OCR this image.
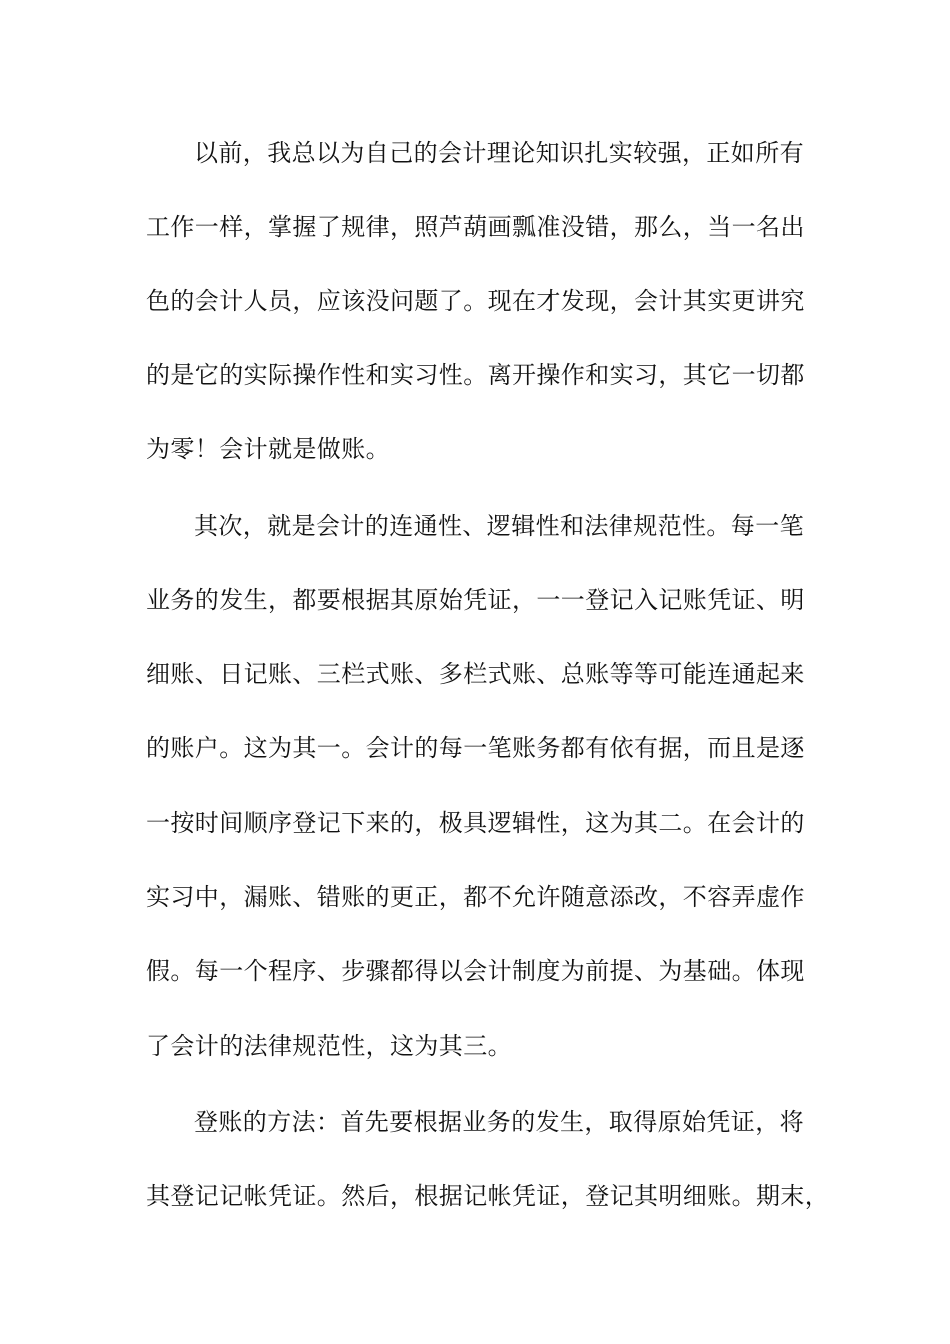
以前，我总以为自己的会计理论知识扎实较强，正如所有
工作一样，掌握了规律，照芦葫画瓢准没错，那么，当一名出
色的会计人员，应该没问题了。现在才发现，会计其实更讲究
的是它的实际操作性和实习性。离开操作和实习，其它一切都
为零！会计就是做账。
其次，就是会计的连通性、逻辑性和法律规范性。每一笔
业务的发生，都要根据其原始凭证，一一登记入记账凭证、明
细账、日记账、三栏式账、多栏式账、总账等等可能连通起来
的账户。这为其一。会计的每一笔账务都有依有据，而且是逐
一按时间顺序登记下来的，极具逻辑性，这为其二。在会计的
实习中，漏账、错账的更正，都不允许随意添改，不容弄虚作
假。每一个程序、步骤都得以会计制度为前提、为基础。体现
了会计的法律规范性，这为其三。
登账的方法：首先要根据业务的发生，取得原始凭证，将
其登记记帐凭证。然后，根据记帐凭证，登记其明细账。期末，
